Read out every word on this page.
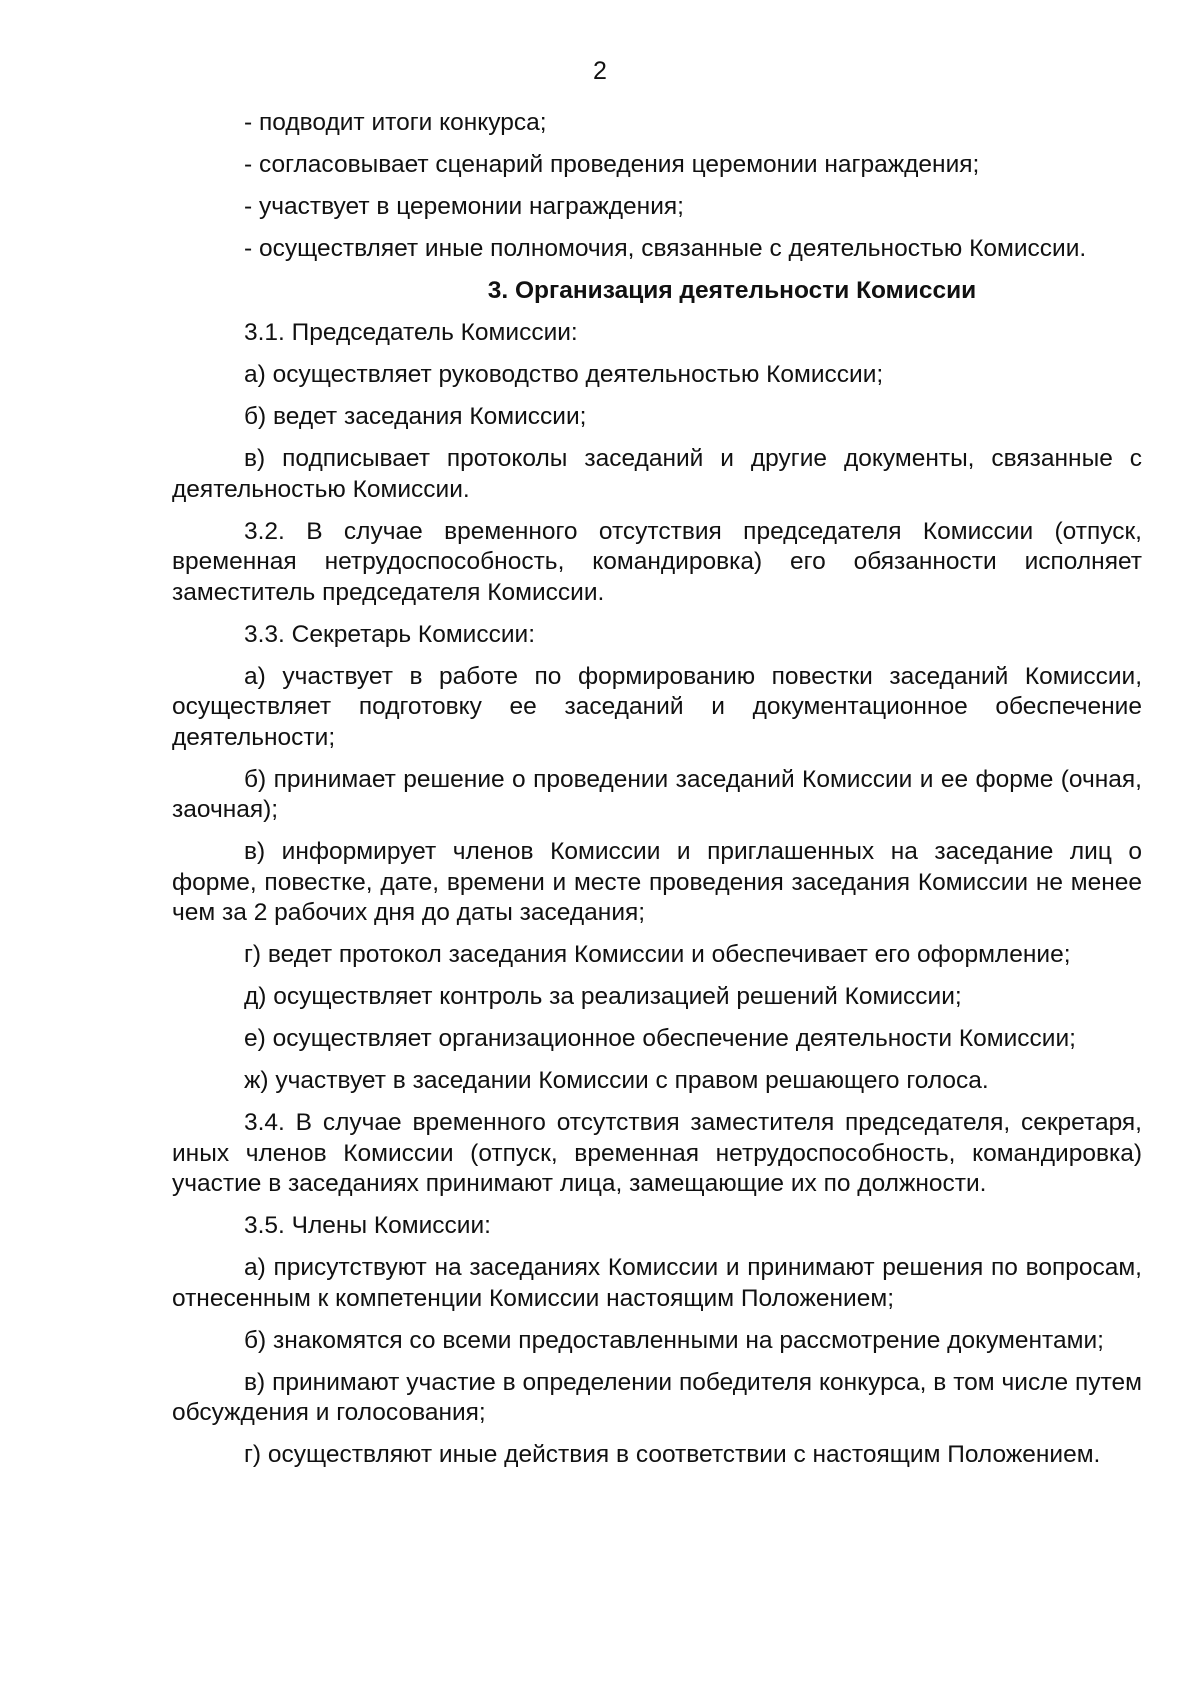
2

- подводит итоги конкурса;

- согласовывает сценарий проведения церемонии награждения;

- участвует в церемонии награждения;

- осуществляет иные полномочия, связанные с деятельностью Комиссии.

3. Организация деятельности Комиссии

3.1. Председатель Комиссии:

а) осуществляет руководство деятельностью Комиссии;

б) ведет заседания Комиссии;

в) подписывает протоколы заседаний и другие документы, связанные с деятельностью Комиссии.

3.2. В случае временного отсутствия председателя Комиссии (отпуск, временная нетрудоспособность, командировка) его обязанности исполняет заместитель председателя Комиссии.

3.3. Секретарь Комиссии:

а) участвует в работе по формированию повестки заседаний Комиссии, осуществляет подготовку ее заседаний и документационное обеспечение деятельности;

б) принимает решение о проведении заседаний Комиссии и ее форме (очная, заочная);

в) информирует членов Комиссии и приглашенных на заседание лиц о форме, повестке, дате, времени и месте проведения заседания Комиссии не менее чем за 2 рабочих дня до даты заседания;

г) ведет протокол заседания Комиссии и обеспечивает его оформление;

д) осуществляет контроль за реализацией решений Комиссии;

е) осуществляет организационное обеспечение деятельности Комиссии;

ж) участвует в заседании Комиссии с правом решающего голоса.

3.4. В случае временного отсутствия заместителя председателя, секретаря, иных членов Комиссии (отпуск, временная нетрудоспособность, командировка) участие в заседаниях принимают лица, замещающие их по должности.

3.5. Члены Комиссии:

а) присутствуют на заседаниях Комиссии и принимают решения по вопросам, отнесенным к компетенции Комиссии настоящим Положением;

б) знакомятся со всеми предоставленными на рассмотрение документами;

в) принимают участие в определении победителя конкурса, в том числе путем обсуждения и голосования;

г) осуществляют иные действия в соответствии с настоящим Положением.
